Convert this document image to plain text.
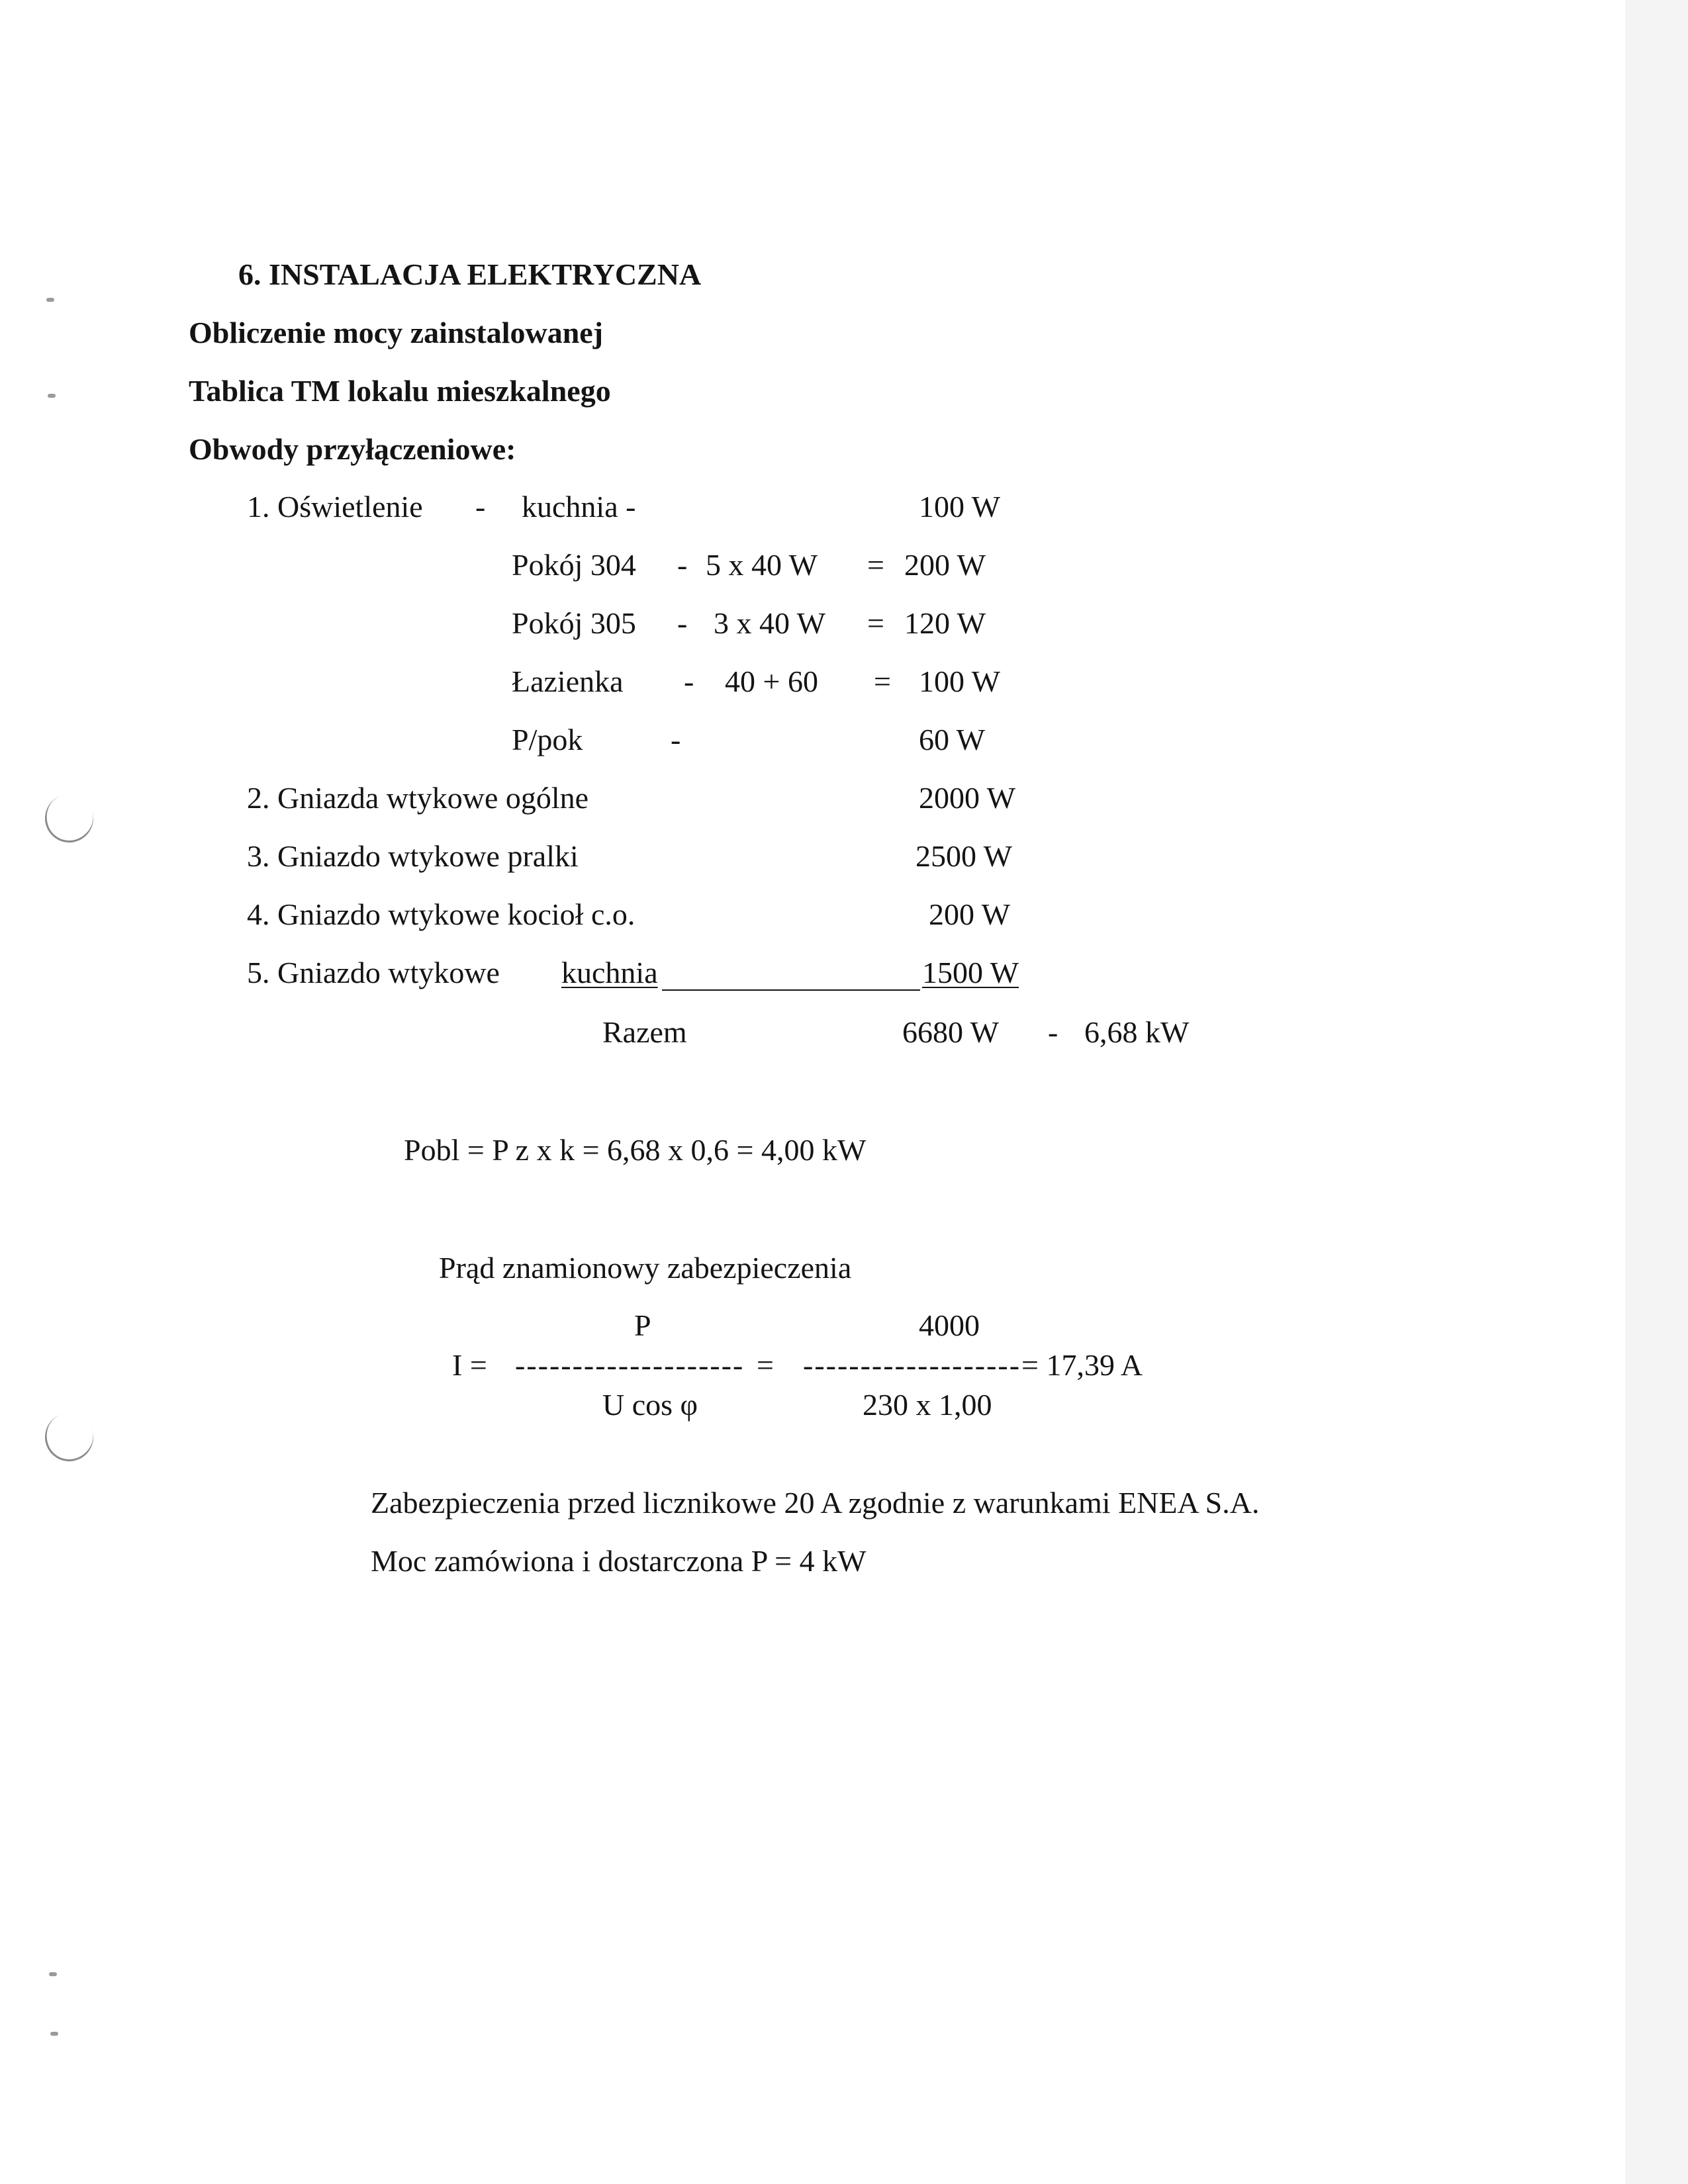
6. INSTALACJA ELEKTRYCZNA
Obliczenie mocy zainstalowanej
Tablica TM lokalu mieszkalnego
Obwody przyłączeniowe:
1. Oświetlenie - kuchnia -	100 W
Pokój 304 - 5 x 40 W = 200 W
Pokój 305 - 3 x 40 W = 120 W
Łazienka - 40 + 60 = 100 W
P/pok	-	60 W
2. Gniazda wtykowe ogólne	2000 W
3. Gniazdo wtykowe pralki	2500 W
4. Gniazdo wtykowe kocioł c.o.	200 W
5. Gniazdo wtykowe kuchnia	1500 W
Razem	6680 W - 6,68 kW
Pobl = P z x k = 6,68 x 0,6 = 4,00 kW
Prąd znamionowy zabezpieczenia
P	4000
I = -------------------- = ------------------- = 17,39 A
U cos φ	230 x 1,00
Zabezpieczenia przed licznikowe 20 A zgodnie z warunkami ENEA S.A.
Moc zamówiona i dostarczona P = 4 kW
